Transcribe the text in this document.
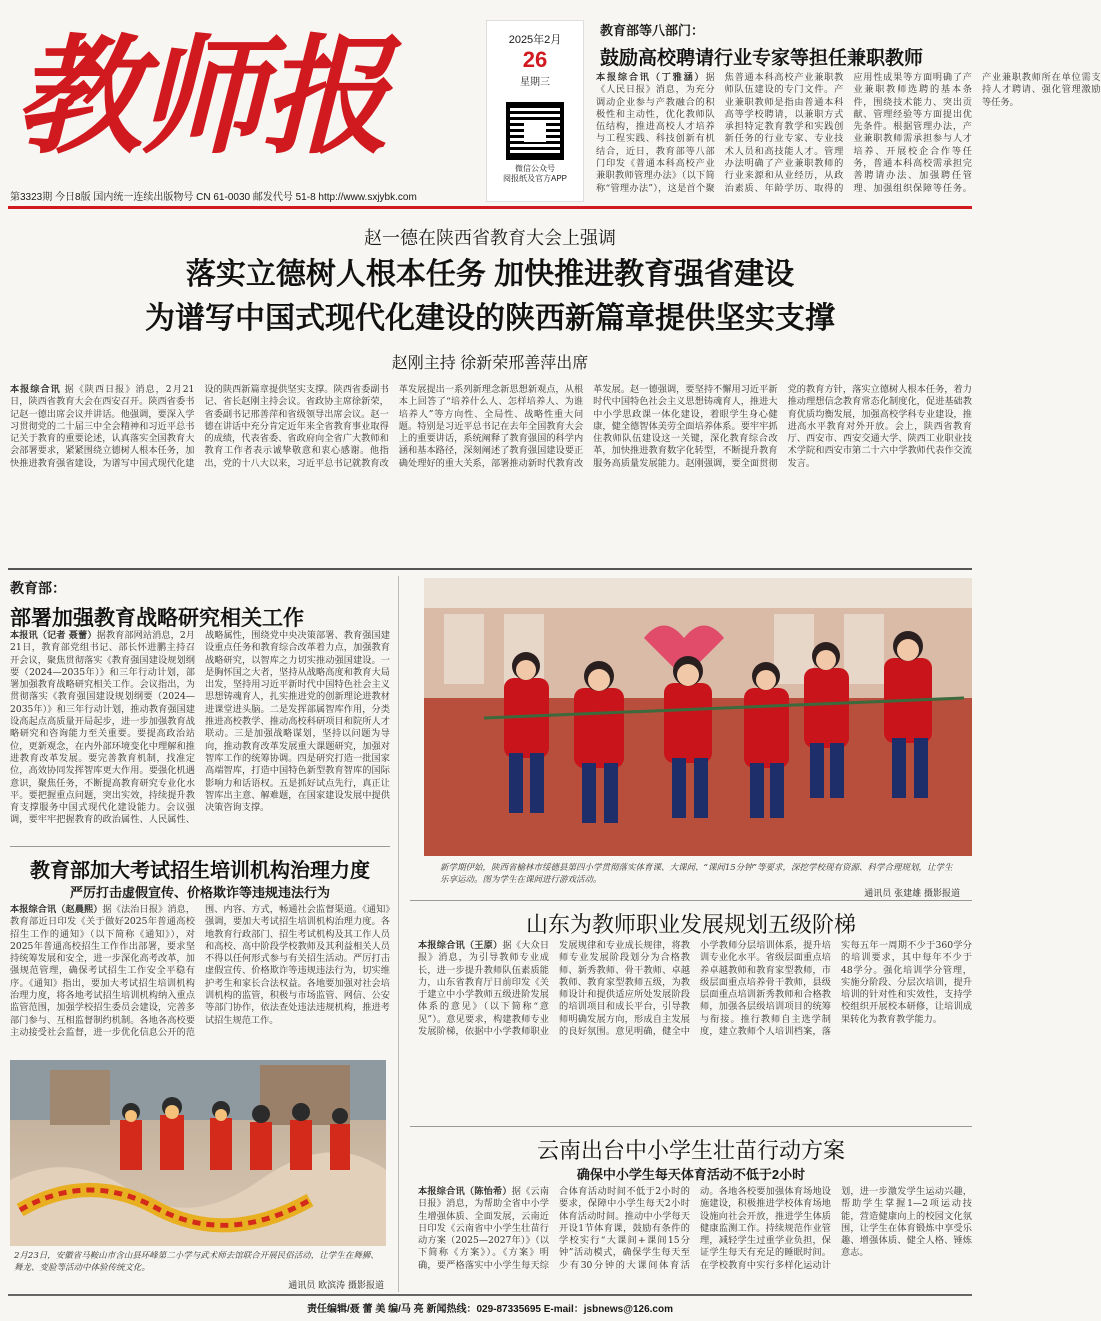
教师报	2025年2月
26
星期三
微信公众号
阅报纸及官方APP
第3323期 今日8版 国内统一连续出版物号 CN 61-0030 邮发代号 51-8 http://www.sxjybk.com
教育部等八部门：
鼓励高校聘请行业专家等担任兼职教师
本报综合讯（丁雅涵）据《人民日报》消息，为充分调动企业参与产教融合的积极性和主动性，优化教师队伍结构，推进高校人才培养与工程实践、科技创新有机结合，近日，教育部等八部门印发《普通本科高校产业兼职教师管理办法》（以下简称“管理办法”），这是首个聚焦普通本科高校产业兼职教师队伍建设的专门文件。产业兼职教师是指由普通本科高等学校聘请，以兼职方式承担特定教育教学和实践创新任务的行业专家、专业技术人员和高技能人才。管理办法明确了产业兼职教师的行业来源和从业经历，从政治素质、年龄学历、取得的应用性成果等方面明确了产业兼职教师选聘的基本条件，围绕技术能力、突出贡献、管理经验等方面提出优先条件。根据管理办法，产业兼职教师需承担参与人才培养、开展校企合作等任务，普通本科高校需承担完善聘请办法、加强聘任管理、加强组织保障等任务。产业兼职教师所在单位需支持人才聘请、强化管理激励等任务。
赵一德在陕西省教育大会上强调
落实立德树人根本任务 加快推进教育强省建设
为谱写中国式现代化建设的陕西新篇章提供坚实支撑
赵刚主持 徐新荣邢善萍出席
本报综合讯 据《陕西日报》消息，2月21日，陕西省教育大会在西安召开。陕西省委书记赵一德出席会议并讲话。他强调，要深入学习贯彻党的二十届三中全会精神和习近平总书记关于教育的重要论述，认真落实全国教育大会部署要求，紧紧围绕立德树人根本任务，加快推进教育强省建设，为谱写中国式现代化建设的陕西新篇章提供坚实支撑。陕西省委副书记、省长赵刚主持会议。省政协主席徐新荣，省委副书记邢善萍和省级领导出席会议。赵一德在讲话中充分肯定近年来全省教育事业取得的成绩，代表省委、省政府向全省广大教师和教育工作者表示诚挚敬意和衷心感谢。他指出，党的十八大以来，习近平总书记就教育改革发展提出一系列新理念新思想新观点，从根本上回答了“培养什么人、怎样培养人、为谁培养人”等方向性、全局性、战略性重大问题。特别是习近平总书记在去年全国教育大会上的重要讲话，系统阐释了教育强国的科学内涵和基本路径，深刻阐述了教育强国建设要正确处理好的重大关系，部署推动新时代教育改革发展。赵一德强调，要坚持不懈用习近平新时代中国特色社会主义思想铸魂育人，推进大中小学思政课一体化建设，着眼学生身心健康，健全德智体美劳全面培养体系。要牢牢抓住教师队伍建设这一关键，深化教育综合改革，加快推进教育数字化转型，不断提升教育服务高质量发展能力。赵刚强调，要全面贯彻党的教育方针，落实立德树人根本任务，着力推动理想信念教育常态化制度化，促进基础教育优质均衡发展，加强高校学科专业建设，推进高水平教育对外开放。会上，陕西省教育厅、西安市、西安交通大学、陕西工业职业技术学院和西安市第二十六中学教师代表作交流发言。
教育部：
部署加强教育战略研究相关工作
本报讯（记者 聂蕾）据教育部网站消息，2月21日，教育部党组书记、部长怀进鹏主持召开会议，聚焦贯彻落实《教育强国建设规划纲要（2024—2035年）》和三年行动计划，部署加强教育战略研究相关工作。会议指出，为贯彻落实《教育强国建设规划纲要（2024—2035年）》和三年行动计划，推动教育强国建设高起点高质量开局起步，进一步加强教育战略研究和咨询能力至关重要。要提高政治站位，更新观念，在内外部环境变化中理解和推进教育改革发展。要完善教育机制，找准定位，高效协同发挥智库更大作用。要强化机遇意识，聚焦任务，不断提高教育研究专业化水平。要把握重点问题，突出实效，持续提升教育支撑服务中国式现代化建设能力。会议强调，要牢牢把握教育的政治属性、人民属性、战略属性，围绕党中央决策部署、教育强国建设重点任务和教育综合改革着力点，加强教育战略研究，以智库之力切实推动强国建设。一是胸怀国之大者，坚持从战略高度和教育大局出发，坚持用习近平新时代中国特色社会主义思想铸魂育人，扎实推进党的创新理论进教材进课堂进头脑。二是发挥部属智库作用，分类推进高校教学、推动高校科研项目和院所人才联动。三是加强战略谋划，坚持以问题为导向，推动教育改革发展重大课题研究，加强对智库工作的统筹协调。四是研究打造一批国家高端智库，打造中国特色新型教育智库的国际影响力和话语权。五是抓好试点先行，真正让智库出主意、解难题，在国家建设发展中提供决策咨询支撑。
教育部加大考试招生培训机构治理力度
严厉打击虚假宣传、价格欺诈等违规违法行为
本报综合讯（赵晨熙）据《法治日报》消息，教育部近日印发《关于做好2025年普通高校招生工作的通知》（以下简称《通知》），对2025年普通高校招生工作作出部署，要求坚持统筹发展和安全，进一步深化高考改革，加强规范管理，确保考试招生工作安全平稳有序。《通知》指出，要加大考试招生培训机构治理力度，将各地考试招生培训机构纳入重点监管范围，加强学校招生委员会建设，完善多部门参与、互相监督制约机制。各地各高校要主动接受社会监督，进一步优化信息公开的范围、内容、方式，畅通社会监督渠道。《通知》强调，要加大考试招生培训机构治理力度。各地教育行政部门、招生考试机构及其工作人员和高校、高中阶段学校教师及其利益相关人员不得以任何形式参与有关招生活动。严厉打击虚假宣传、价格欺诈等违规违法行为，切实维护考生和家长合法权益。各地要加强对社会培训机构的监管，积极与市场监管、网信、公安等部门协作，依法查处违法违规机构，推进考试招生规范工作。
2月23日，安徽省马鞍山市含山县环峰第二小学与武术师去馆联合开展民俗活动，让学生在舞狮、舞龙、变脸等活动中体验传统文化。
通讯员 欧滨涛 摄影报道
新学期伊始，陕西省榆林市绥德县第四小学贯彻落实体育课、大课间、“课间15分钟”等要求，深挖学校现有资源、科学合理规划，让学生乐享运动。图为学生在课间进行游戏活动。
通讯员 张建雄 摄影报道
山东为教师职业发展规划五级阶梯
本报综合讯（王原）据《大众日报》消息，为引导教师专业成长，进一步提升教师队伍素质能力，山东省教育厅日前印发《关于建立中小学教师五级进阶发展体系的意见》（以下简称“意见”）。意见要求，构建教师专业发展阶梯，依据中小学教师职业发展规律和专业成长规律，将教师专业发展阶段划分为合格教师、新秀教师、骨干教师、卓越教师、教育家型教师五级，为教师设计和提供适应所处发展阶段的培训项目和成长平台，引导教师明确发展方向，形成自主发展的良好氛围。意见明确，健全中小学教师分层培训体系，提升培训专业化水平。省级层面重点培养卓越教师和教育家型教师，市级层面重点培养骨干教师，县级层面重点培训新秀教师和合格教师，加强各层级培训项目的统筹与衔接。推行教师自主选学制度，建立教师个人培训档案，落实每五年一周期不少于360学分的培训要求，其中每年不少于48学分。强化培训学分管理，实施分阶段、分层次培训，提升培训的针对性和实效性，支持学校组织开展校本研修，让培训成果转化为教育教学能力。
云南出台中小学生壮苗行动方案
确保中小学生每天体育活动不低于2小时
本报综合讯（陈怡希）据《云南日报》消息，为帮助全省中小学生增强体质、全面发展，云南近日印发《云南省中小学生壮苗行动方案（2025—2027年）》（以下简称《方案》）。《方案》明确，要严格落实中小学生每天综合体育活动时间不低于2小时的要求，保障中小学生每天2小时体育活动时间。推动中小学每天开设1节体育课，鼓励有条件的学校实行“大课间+课间15分钟”活动模式，确保学生每天至少有30分钟的大课间体育活动。各地各校要加强体育场地设施建设，积极推进学校体育场地设施向社会开放，推进学生体质健康监测工作。持续规范作业管理，减轻学生过重学业负担，保证学生每天有充足的睡眠时间。在学校教育中实行多样化运动计划，进一步激发学生运动兴趣，帮助学生掌握1—2项运动技能，营造健康向上的校园文化氛围，让学生在体育锻炼中享受乐趣、增强体质、健全人格、锤炼意志。
责任编辑/聂 蕾 美 编/马 亮 新闻热线：029-87335695 E-mail：jsbnews@126.com
